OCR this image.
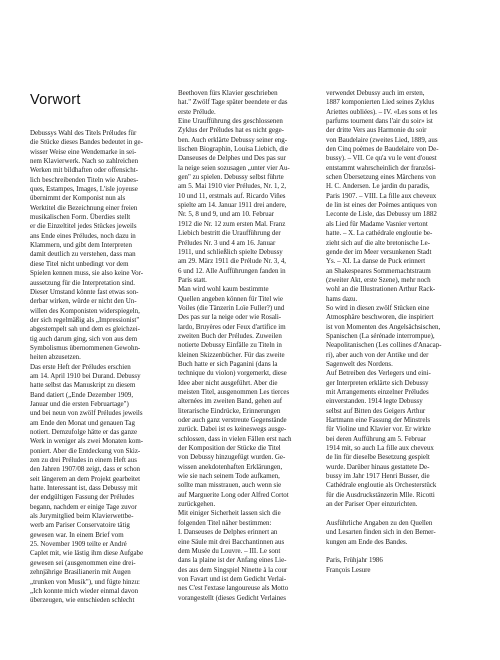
Vorwort
Debussys Wahl des Titels Préludes für
die Stücke dieses Bandes bedeutet in ge-
wisser Weise eine Wendemarke in sei-
nem Klavierwerk. Nach so zahlreichen
Werken mit bildhaften oder offensicht-
lich beschreibenden Titeln wie Arabes-
ques, Estampes, Images, L'isle joyeuse
übernimmt der Komponist nun als
Werktitel die Bezeichnung einer freien
musikalischen Form. Überdies stellt
er die Einzeltitel jedes Stückes jeweils
ans Ende eines Préludes, noch dazu in
Klammern, und gibt dem Interpreten
damit deutlich zu verstehen, dass man
diese Titel nicht unbedingt vor dem
Spielen kennen muss, sie also keine Vor-
aussetzung für die Interpretation sind.
Dieser Umstand könnte fast etwas son-
derbar wirken, würde er nicht den Un-
willen des Komponisten widerspiegeln,
der sich regelmäßig als „Impressionist"
abgestempelt sah und dem es gleichzei-
tig auch darum ging, sich von aus dem
Symbolismus übernommenen Gewohn-
heiten abzusetzen.
Das erste Heft der Préludes erschien
am 14. April 1910 bei Durand. Debussy
hatte selbst das Manuskript zu diesem
Band datiert („Ende Dezember 1909,
Januar und die ersten Februartage")
und bei neun von zwölf Préludes jeweils
am Ende den Monat und genauen Tag
notiert. Demzufolge hätte er das ganze
Werk in weniger als zwei Monaten kom-
poniert. Aber die Entdeckung von Skiz-
zen zu drei Préludes in einem Heft aus
den Jahren 1907/08 zeigt, dass er schon
seit längerem an dem Projekt gearbeitet
hatte. Interessant ist, dass Debussy mit
der endgültigen Fassung der Préludes
begann, nachdem er einige Tage zuvor
als Jurymitglied beim Klavierwettbe-
werb am Pariser Conservatoire tätig
gewesen war. In einem Brief vom
25. November 1909 teilte er André
Caplet mit, wie lästig ihm diese Aufgabe
gewesen sei (ausgenommen eine drei-
zehnjährige Brasilianerin mit Augen
„trunken von Musik"), und fügte hinzu:
„Ich konnte mich wieder einmal davon
überzeugen, wie entschieden schlecht
Beethoven fürs Klavier geschrieben
hat." Zwölf Tage später beendete er das
erste Prélude.
Eine Uraufführung des geschlossenen
Zyklus der Préludes hat es nicht gege-
ben. Auch erklärte Debussy seiner eng-
lischen Biographin, Louisa Liebich, die
Danseuses de Delphes und Des pas sur
la neige seien sozusagen „unter vier Au-
gen" zu spielen. Debussy selbst führte
am 5. Mai 1910 vier Préludes, Nr. 1, 2,
10 und 11, erstmals auf. Ricardo Viñes
spielte am 14. Januar 1911 drei andere,
Nr. 5, 8 und 9, und am 10. Februar
1912 die Nr. 12 zum ersten Mal. Franz
Liebich bestritt die Uraufführung der
Préludes Nr. 3 und 4 am 16. Januar
1911, und schließlich spielte Debussy
am 29. März 1911 die Prélude Nr. 3, 4,
6 und 12. Alle Aufführungen fanden in
Paris statt.
Man wird wohl kaum bestimmte
Quellen angeben können für Titel wie
Voiles (die Tänzerin Loïe Fuller?) und
Des pas sur la neige oder wie Rosali-
lardo, Bruyères oder Feux d'artifice im
zweiten Buch der Préludes. Zuweilen
notierte Debussy Einfälle zu Titeln in
kleinen Skizzenbücher. Für das zweite
Buch hatte er sich Paganini (dans la
technique du violon) vorgemerkt, diese
Idee aber nicht ausgeführt. Aber die
meisten Titel, ausgenommen Les tierces
alternées im zweiten Band, gehen auf
literarische Eindrücke, Erinnerungen
oder auch ganz verstreute Gegenstände
zurück. Dabei ist es keineswegs ausge-
schlossen, dass in vielen Fällen erst nach
der Komposition der Stücke die Titel
von Debussy hinzugefügt wurden. Ge-
wissen anekdotenhaften Erklärungen,
wie sie nach seinem Tode aufkamen,
sollte man misstrauen, auch wenn sie
auf Marguerite Long oder Alfred Cortot
zurückgehen.
Mit einiger Sicherheit lassen sich die
folgenden Titel näher bestimmen:
I. Danseuses de Delphes erinnert an
eine Säule mit drei Bacchantinnen aus
dem Musée du Louvre. – III. Le sont
dans la plaine ist der Anfang eines Lie-
des aus dem Singspiel Ninette à la cour
von Favart und ist dem Gedicht Verlai-
nes C'est l'extase langoureuse als Motto
vorangestellt (dieses Gedicht Verlaines
verwendet Debussy auch im ersten,
1887 komponierten Lied seines Zyklus
Ariettes oubliées). – IV. «Les sons et les
parfums tournent dans l'air du soir» ist
der dritte Vers aus Harmonie du soir
von Baudelaire (zweites Lied, 1889, aus
den Cinq poèmes de Baudelaire von De-
bussy). – VII. Ce qu'a vu le vent d'ouest
entstammt wahrscheinlich der französi-
schen Übersetzung eines Märchens von
H. C. Andersen. Le jardin du paradis,
Paris 1907. – VIII. La fille aux cheveux
de lin ist eines der Poèmes antiques von
Leconte de Lisle, das Debussy um 1882
als Lied für Madame Vasnier vertont
hatte. – X. La cathédrale engloutie be-
zieht sich auf die alte bretonische Le-
gende der im Meer versunkenen Stadt
Ys. – XI. La danse de Puck erinnert
an Shakespeares Sommernachtstraum
(zweiter Akt, erste Szene), mehr noch
wohl an die Illustrationen Arthur Rack-
hams dazu.
So wird in diesen zwölf Stücken eine
Atmosphäre beschworen, die inspiriert
ist von Momenten des Angelsächsischen,
Spanischen (La sérénade interrompue),
Neapolitanischen (Les collines d'Anacap-
ri), aber auch von der Antike und der
Sagenwelt des Nordens.
Auf Betreiben des Verlegers und eini-
ger Interpreten erklärte sich Debussy
mit Arrangements einzelner Préludes
einverstanden. 1914 legte Debussy
selbst auf Bitten des Geigers Arthur
Hartmann eine Fassung der Minstrels
für Violine und Klavier vor. Er wirkte
bei deren Aufführung am 5. Februar
1914 mit, so auch La fille aux cheveux
de lin für dieselbe Besetzung gespielt
wurde. Darüber hinaus gestattete De-
bussy im Jahr 1917 Henri Busser, die
Cathédrale engloutie als Orchesterstück
für die Ausdruckstänzerin Mlle. Ricotti
an der Pariser Oper einzurichten.
Ausführliche Angaben zu den Quellen
und Lesarten finden sich in den Bemer-
kungen am Ende des Bandes.
Paris, Frühjahr 1986
François Lesure
